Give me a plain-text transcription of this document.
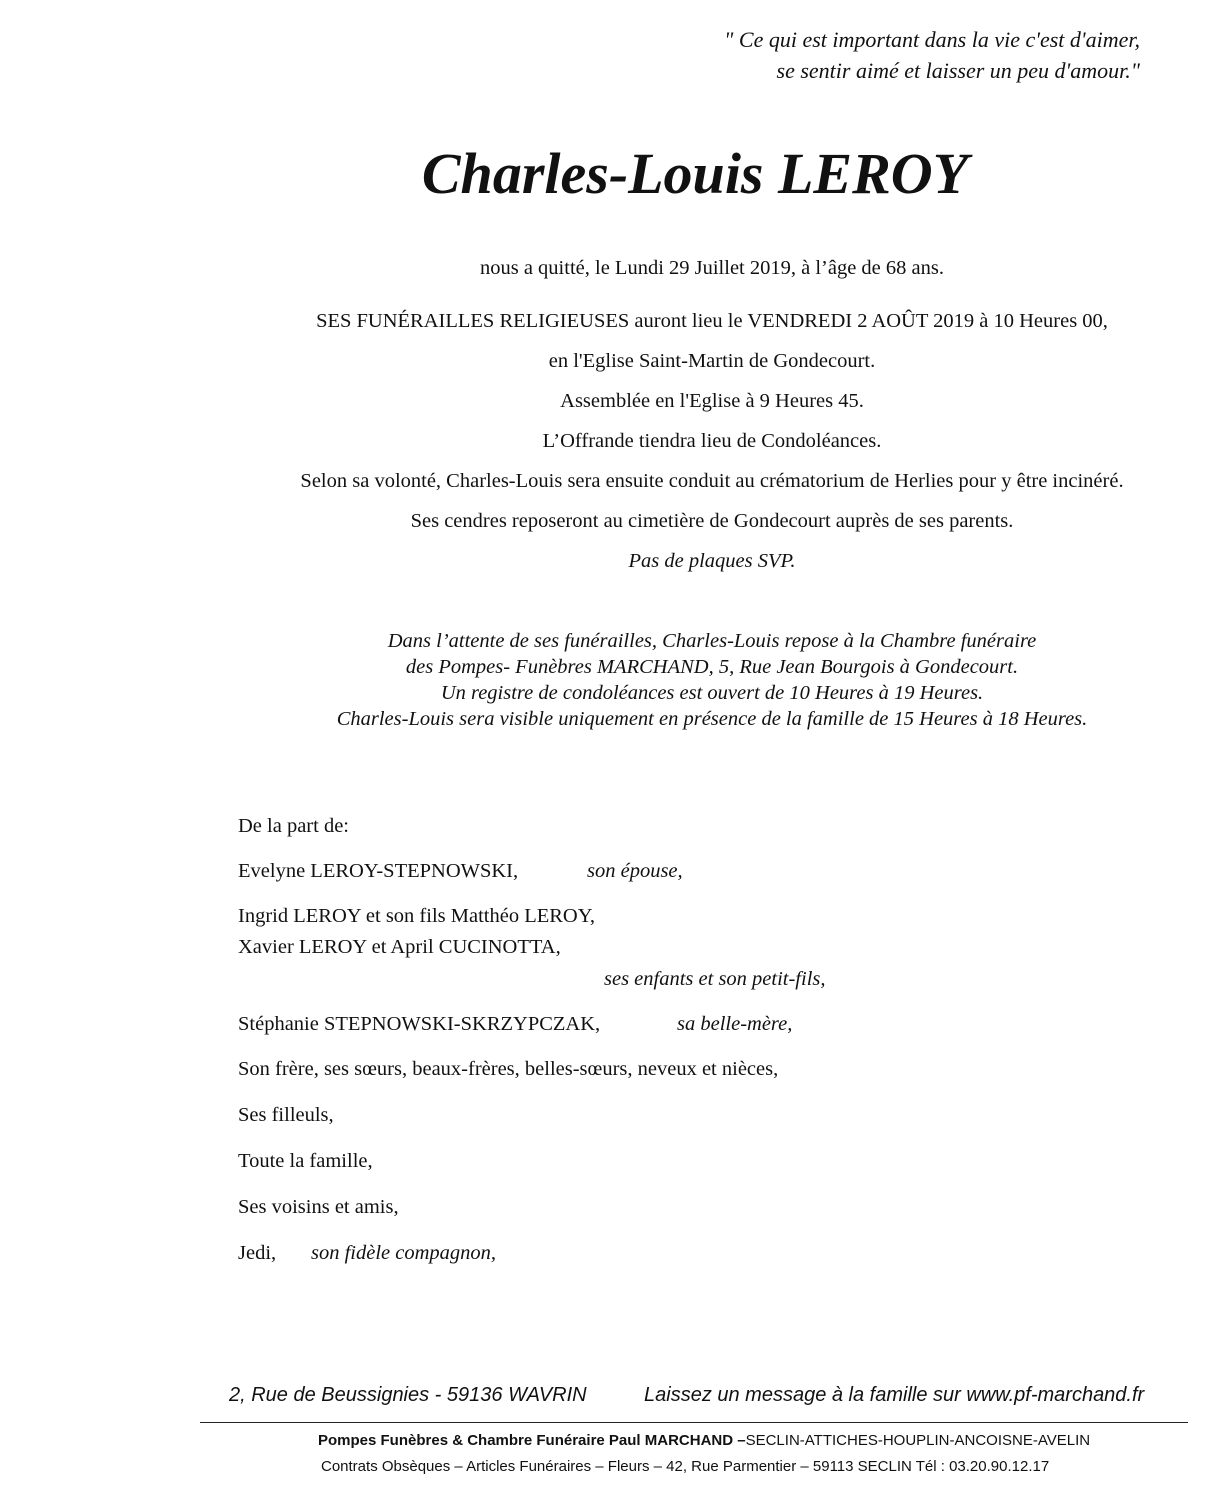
" Ce qui est important dans la vie c'est d'aimer,
se sentir aimé et laisser un peu d'amour."
Charles-Louis LEROY
nous a quitté, le Lundi 29 Juillet 2019, à l’âge de 68 ans.
SES FUNÉRAILLES RELIGIEUSES auront lieu le VENDREDI 2 AOÛT 2019 à 10 Heures 00,
en l'Eglise Saint-Martin de Gondecourt.
Assemblée en l'Eglise à 9 Heures 45.
L’Offrande tiendra lieu de Condoléances.
Selon sa volonté, Charles-Louis sera ensuite conduit au crématorium de Herlies pour y être incinéré.
Ses cendres reposeront au cimetière de Gondecourt auprès de ses parents.
Pas de plaques SVP.
Dans l’attente de ses funérailles, Charles-Louis repose à la Chambre funéraire
des Pompes- Funèbres MARCHAND, 5, Rue Jean Bourgois à Gondecourt.
Un registre de condoléances est ouvert de 10 Heures à 19 Heures.
Charles-Louis sera visible uniquement en présence de la famille de 15 Heures à 18 Heures.
De la part de:
Evelyne LEROY-STEPNOWSKI,	son épouse,
Ingrid LEROY et son fils Matthéo LEROY,
Xavier LEROY et April CUCINOTTA,
ses enfants et son petit-fils,
Stéphanie STEPNOWSKI-SKRZYPCZAK,	sa belle-mère,
Son frère, ses sœurs, beaux-frères, belles-sœurs, neveux et nièces,
Ses filleuls,
Toute la famille,
Ses voisins et amis,
Jedi, son fidèle compagnon,
2, Rue de Beussignies - 59136 WAVRIN	Laissez un message à la famille sur www.pf-marchand.fr
Pompes Funèbres & Chambre Funéraire Paul MARCHAND –SECLIN-ATTICHES-HOUPLIN-ANCOISNE-AVELIN
Contrats Obsèques – Articles Funéraires – Fleurs – 42, Rue Parmentier – 59113 SECLIN Tél : 03.20.90.12.17
